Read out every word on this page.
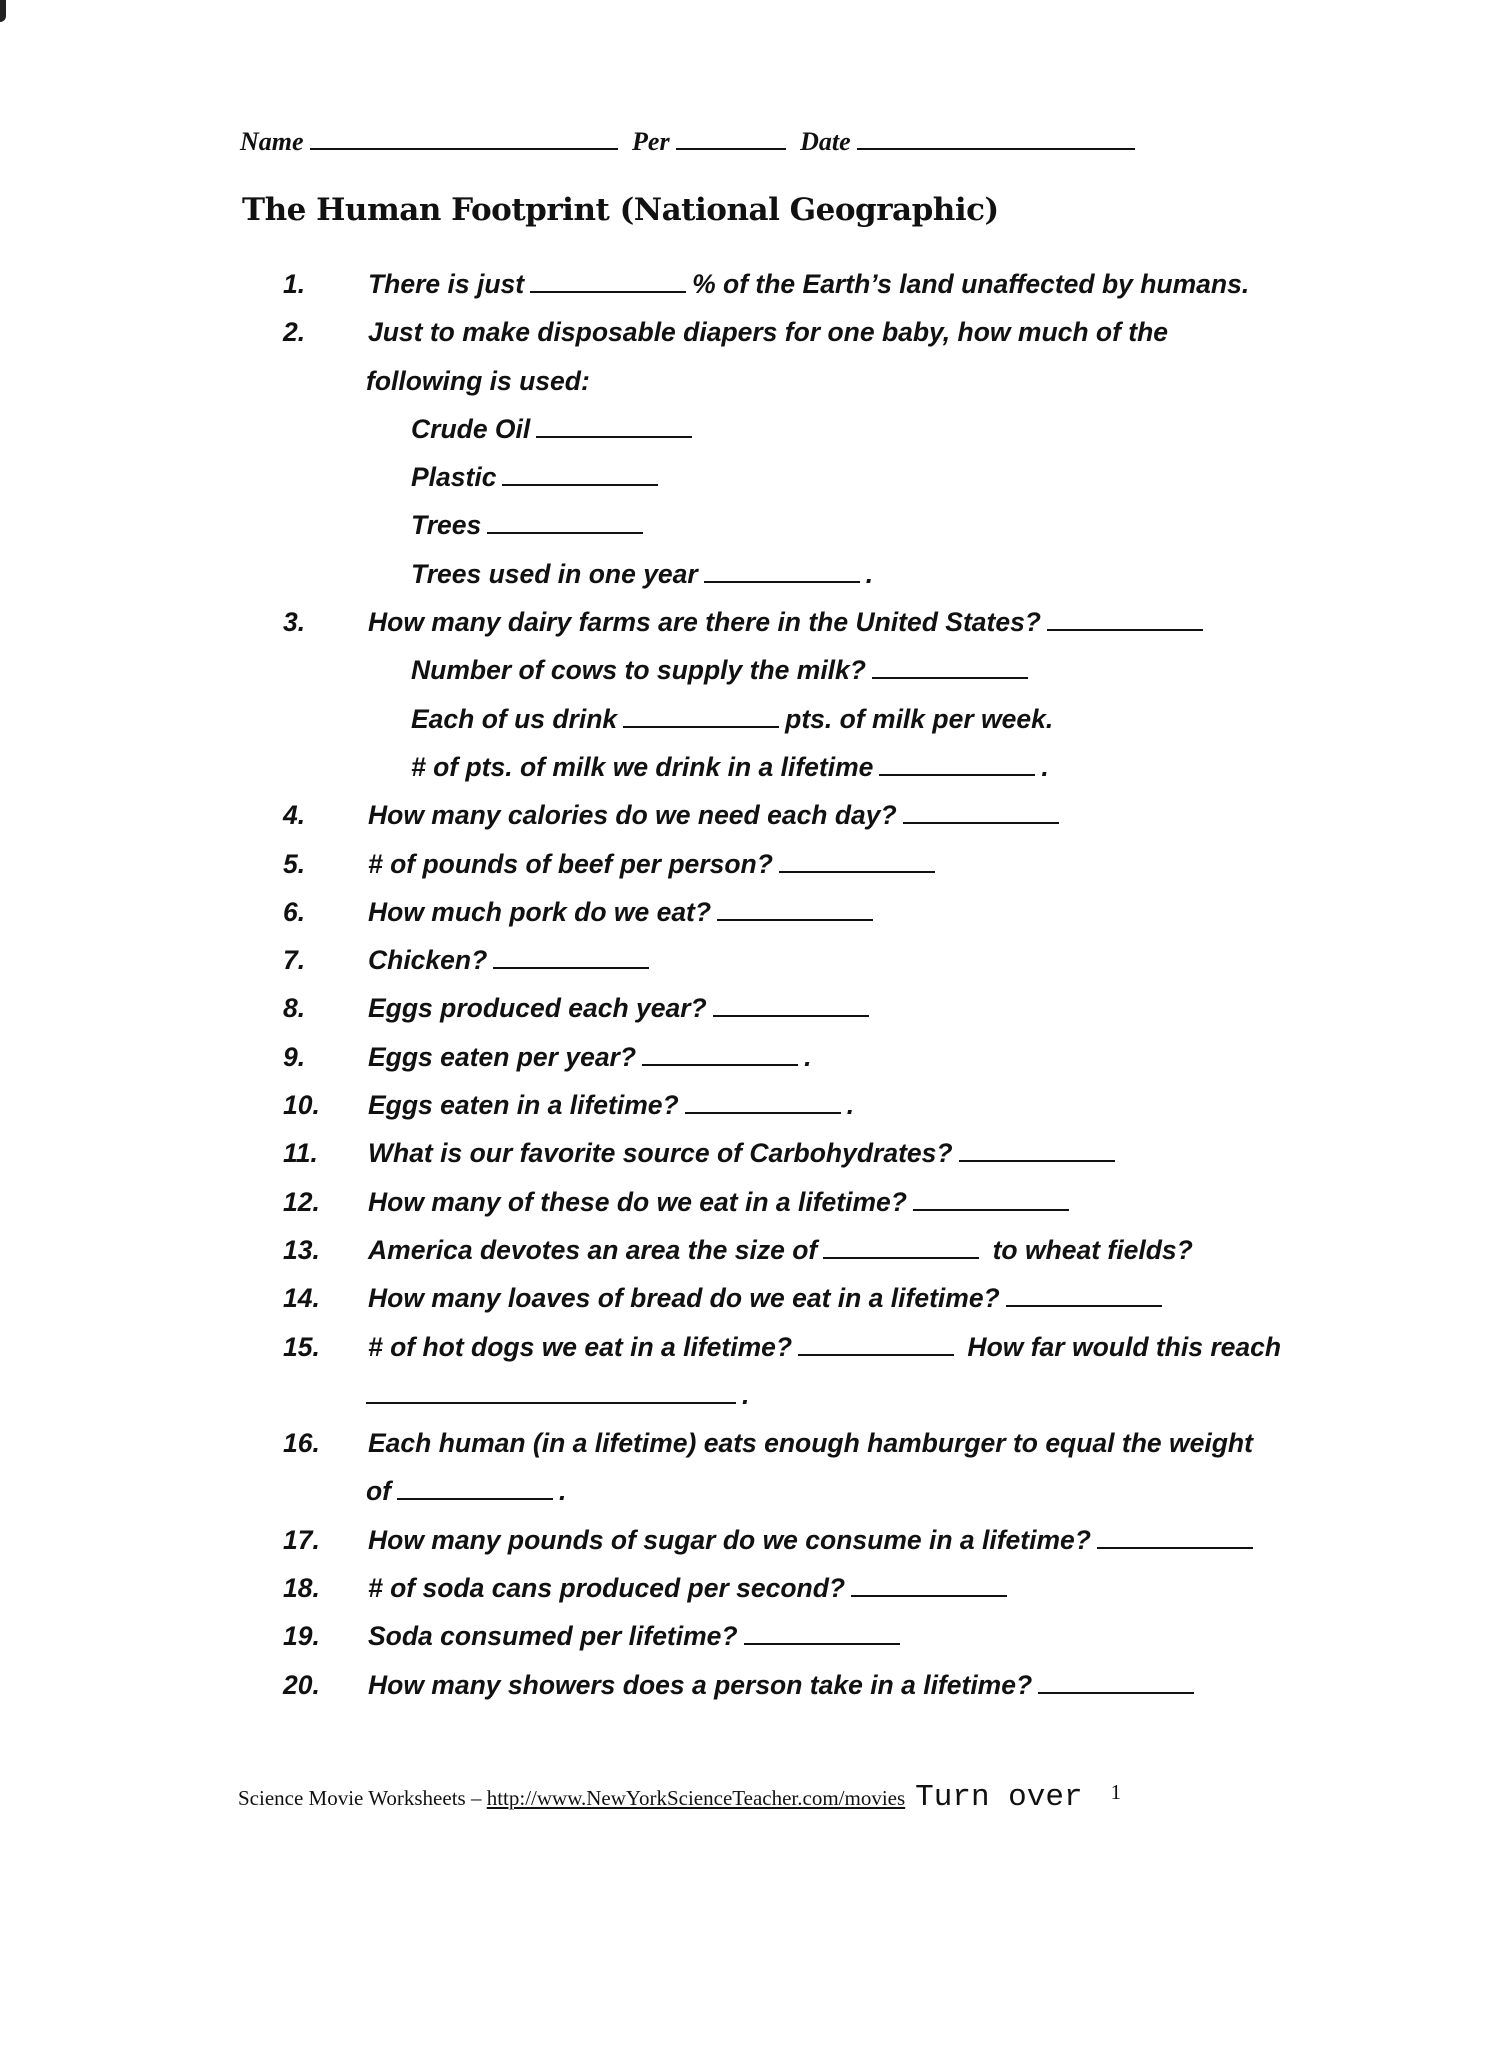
Name	Per	Date
The Human Footprint (National Geographic)
1. There is just	% of the Earth’s land unaffected by humans.
2. Just to make disposable diapers for one baby, how much of the
following is used:
Crude Oil
Plastic
Trees
Trees used in one year	.
3. How many dairy farms are there in the United States?
Number of cows to supply the milk?
Each of us drink	pts. of milk per week.
# of pts. of milk we drink in a lifetime	.
4. How many calories do we need each day?
5. # of pounds of beef per person?
6. How much pork do we eat?
7. Chicken?
8. Eggs produced each year?
9. Eggs eaten per year?	.
10. Eggs eaten in a lifetime?	.
11. What is our favorite source of Carbohydrates?
12. How many of these do we eat in a lifetime?
13. America devotes an area the size of	to wheat fields?
14. How many loaves of bread do we eat in a lifetime?
15. # of hot dogs we eat in a lifetime?	How far would this reach
.
16. Each human (in a lifetime) eats enough hamburger to equal the weight
of	.
17. How many pounds of sugar do we consume in a lifetime?
18. # of soda cans produced per second?
19. Soda consumed per lifetime?
20. How many showers does a person take in a lifetime?
Science Movie Worksheets – http://www.NewYorkScienceTeacher.com/movies Turn over 1
